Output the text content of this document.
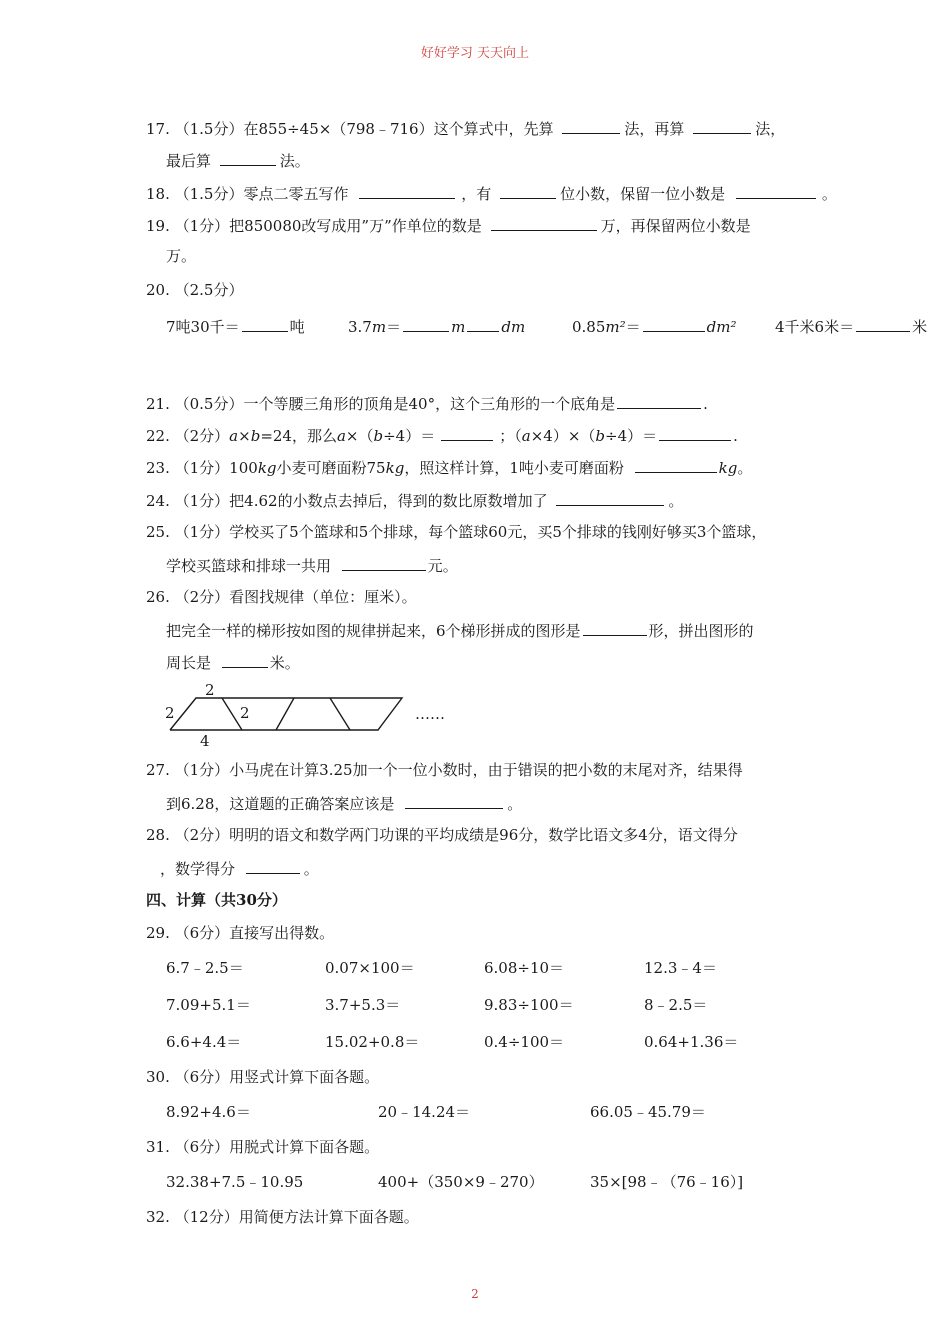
好好学习 天天向上
17. （1.5分）在855÷45×（798﹣716）这个算式中，先算	法，再算	法，
最后算	法。
18. （1.5分）零点二零五写作	，有	位小数，保留一位小数是	。
19. （1分）把850080改写成用”万”作单位的数是	万，再保留两位小数是
万。
20. （2.5分）
7吨30千＝	吨	3.7m＝	m dm	0.85m²＝	dm²	4千米6米＝	米
21. （0.5分）一个等腰三角形的顶角是40°，这个三角形的一个底角是	.
22. （2分）a×b=24，那么a×（b÷4）＝	；（a×4）×（b÷4）＝	.
23. （1分）100kg小麦可磨面粉75kg，照这样计算，1吨小麦可磨面粉	kg。
24. （1分）把4.62的小数点去掉后，得到的数比原数增加了	。
25. （1分）学校买了5个篮球和5个排球，每个篮球60元，买5个排球的钱刚好够买3个篮球，
学校买篮球和排球一共用	元。
26. （2分）看图找规律（单位：厘米）。
把完全一样的梯形按如图的规律拼起来，6个梯形拼成的图形是	形，拼出图形的
周长是	米。
2
2	2
4
……
27. （1分）小马虎在计算3.25加一个一位小数时，由于错误的把小数的末尾对齐，结果得
到6.28，这道题的正确答案应该是	。
28. （2分）明明的语文和数学两门功课的平均成绩是96分，数学比语文多4分，语文得分
，数学得分	。
四、计算（共30分）
29. （6分）直接写出得数。
6.7﹣2.5＝	0.07×100＝	6.08÷10＝	12.3﹣4＝
7.09+5.1＝	3.7+5.3＝	9.83÷100＝	8﹣2.5＝
6.6+4.4＝	15.02+0.8＝	0.4÷100＝	0.64+1.36＝
30. （6分）用竖式计算下面各题。
8.92+4.6＝	20﹣14.24＝	66.05﹣45.79＝
31. （6分）用脱式计算下面各题。
32.38+7.5﹣10.95	400+（350×9﹣270）	35×[98﹣（76﹣16）]
32. （12分）用简便方法计算下面各题。
2
